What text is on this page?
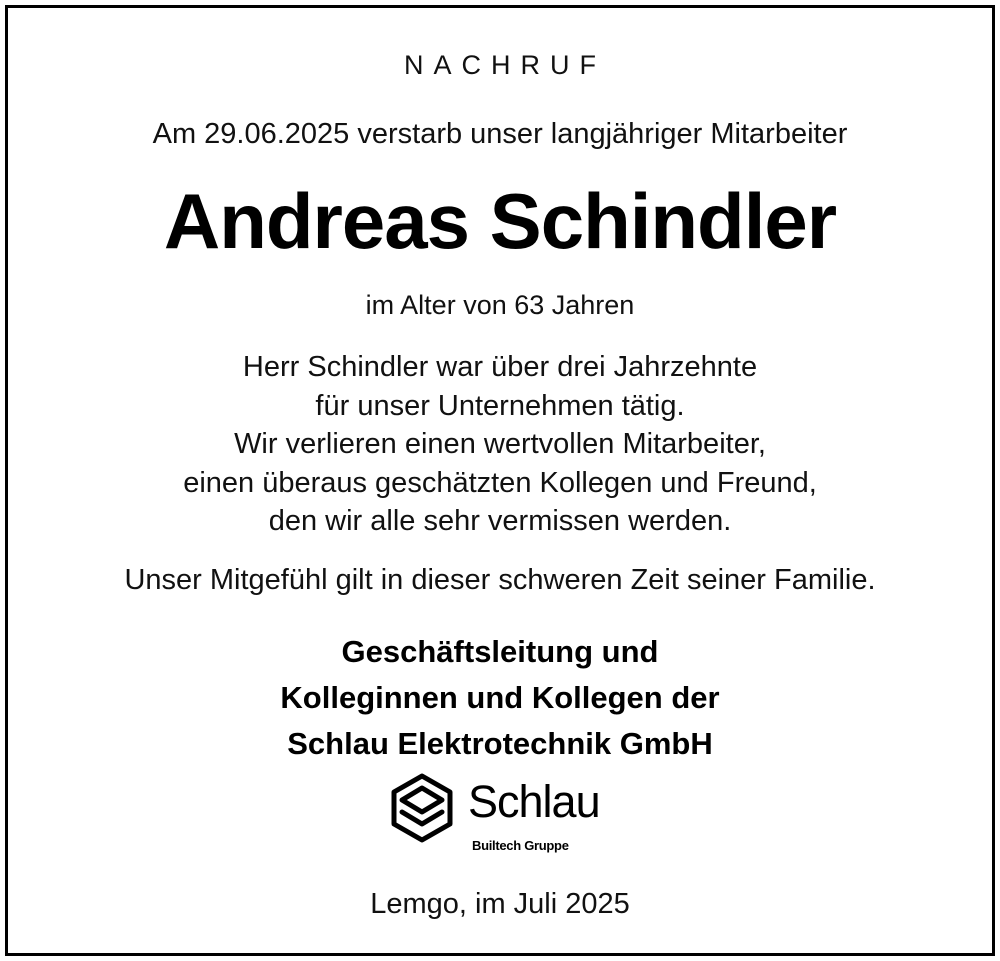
NACHRUF
Am 29.06.2025 verstarb unser langjähriger Mitarbeiter
Andreas Schindler
im Alter von 63 Jahren
Herr Schindler war über drei Jahrzehnte
für unser Unternehmen tätig.
Wir verlieren einen wertvollen Mitarbeiter,
einen überaus geschätzten Kollegen und Freund,
den wir alle sehr vermissen werden.
Unser Mitgefühl gilt in dieser schweren Zeit seiner Familie.
Geschäftsleitung und
Kolleginnen und Kollegen der
Schlau Elektrotechnik GmbH
Schlau
Builtech Gruppe
Lemgo, im Juli 2025
